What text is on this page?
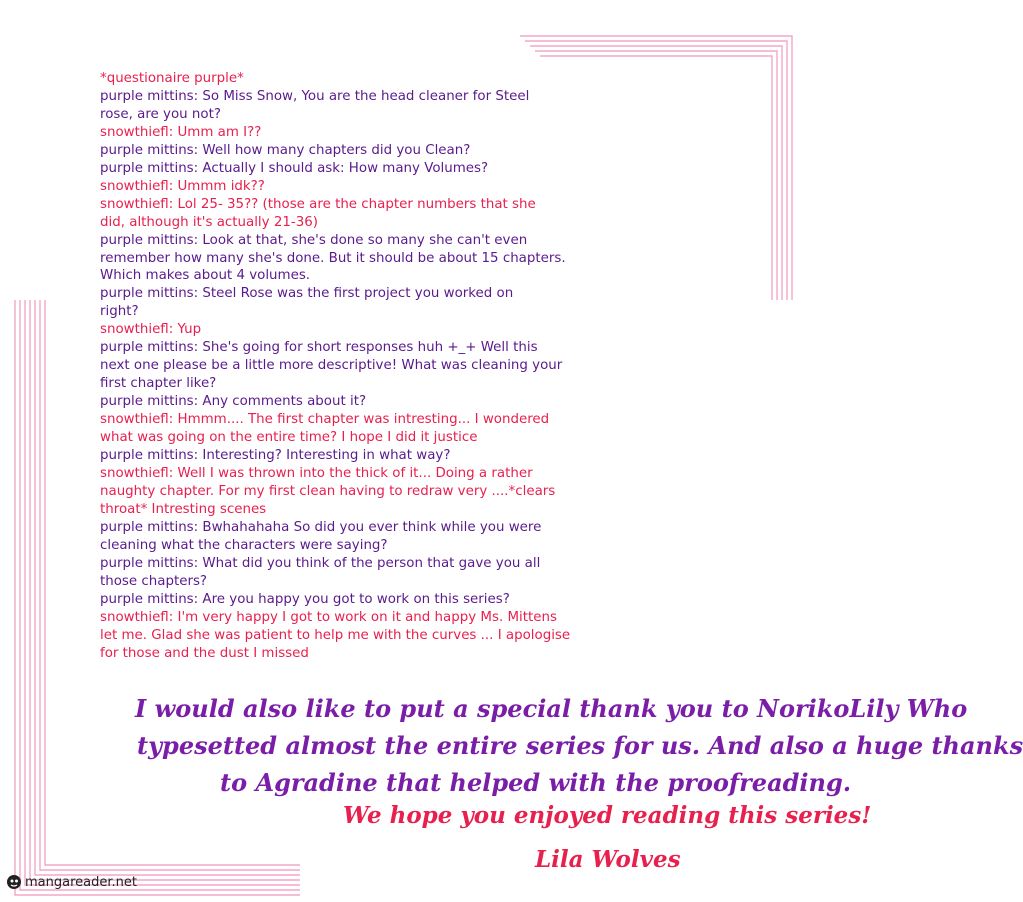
*questionaire purple*
purple mittins: So Miss Snow, You are the head cleaner for Steel
rose, are you not?
snowthiefl: Umm am I??
purple mittins: Well how many chapters did you Clean?
purple mittins: Actually I should ask: How many Volumes?
snowthiefl: Ummm idk??
snowthiefl: Lol 25- 35?? (those are the chapter numbers that she
did, although it's actually 21-36)
purple mittins: Look at that, she's done so many she can't even
remember how many she's done. But it should be about 15 chapters.
Which makes about 4 volumes.
purple mittins: Steel Rose was the first project you worked on
right?
snowthiefl: Yup
purple mittins: She's going for short responses huh +_+ Well this
next one please be a little more descriptive! What was cleaning your
first chapter like?
purple mittins: Any comments about it?
snowthiefl: Hmmm.... The first chapter was intresting... I wondered
what was going on the entire time? I hope I did it justice
purple mittins: Interesting? Interesting in what way?
snowthiefl: Well I was thrown into the thick of it... Doing a rather
naughty chapter. For my first clean having to redraw very ....*clears
throat* Intresting scenes
purple mittins: Bwhahahaha So did you ever think while you were
cleaning what the characters were saying?
purple mittins: What did you think of the person that gave you all
those chapters?
purple mittins: Are you happy you got to work on this series?
snowthiefl: I'm very happy I got to work on it and happy Ms. Mittens
let me. Glad she was patient to help me with the curves ... I apologise
for those and the dust I missed
I would also like to put a special thank you to NorikoLily Who
typesetted almost the entire series for us. And also a huge thanks
to Agradine that helped with the proofreading.
We hope you enjoyed reading this series!
Lila Wolves
mangareader.net
